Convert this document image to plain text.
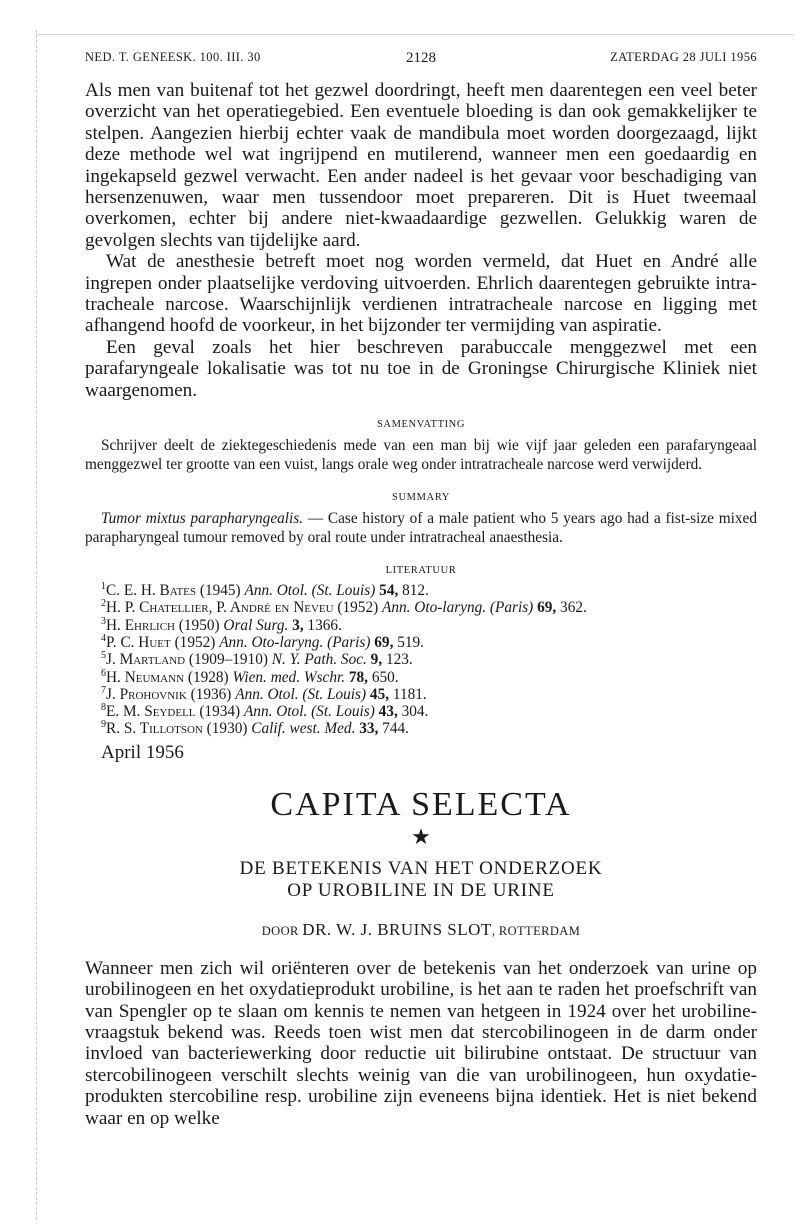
NED. T. GENEESK. 100. III. 30	2128	ZATERDAG 28 JULI 1956

Als men van buitenaf tot het gezwel doordringt, heeft men daarentegen een veel beter overzicht van het operatiegebied. Een eventuele bloeding is dan ook gemakkelijker te stelpen. Aangezien hierbij echter vaak de mandibula moet worden doorgezaagd, lijkt deze methode wel wat ingrijpend en mutilerend, wanneer men een goedaardig en ingekapseld gezwel verwacht. Een ander nadeel is het gevaar voor beschadiging van hersenzenuwen, waar men tussendoor moet prepareren. Dit is Huet tweemaal overkomen, echter bij andere niet-kwaadaardige gezwellen. Gelukkig waren de gevolgen slechts van tijdelijke aard.

Wat de anesthesie betreft moet nog worden vermeld, dat Huet en André alle ingrepen onder plaatselijke verdoving uitvoerden. Ehrlich daarentegen gebruikte intra-tracheale narcose. Waarschijnlijk verdienen intratracheale narcose en ligging met afhangend hoofd de voorkeur, in het bijzonder ter vermijding van aspiratie.

Een geval zoals het hier beschreven parabuccale menggezwel met een parafaryngeale lokalisatie was tot nu toe in de Groningse Chirurgische Kliniek niet waargenomen.

SAMENVATTING

Schrijver deelt de ziektegeschiedenis mede van een man bij wie vijf jaar geleden een parafaryngeaal menggezwel ter grootte van een vuist, langs orale weg onder intratracheale narcose werd verwijderd.

SUMMARY

Tumor mixtus parapharyngealis. — Case history of a male patient who 5 years ago had a fist-size mixed parapharyngeal tumour removed by oral route under intratracheal anaesthesia.

LITERATUUR
$^1$C. E. H. Bates (1945) Ann. Otol. (St. Louis) 54, 812.
$^2$H. P. Chatellier, P. André en Neveu (1952) Ann. Oto-laryng. (Paris) 69, 362.
$^3$H. Ehrlich (1950) Oral Surg. 3, 1366.
$^4$P. C. Huet (1952) Ann. Oto-laryng. (Paris) 69, 519.
$^5$J. Martland (1909–1910) N. Y. Path. Soc. 9, 123.
$^6$H. Neumann (1928) Wien. med. Wschr. 78, 650.
$^7$J. Prohovnik (1936) Ann. Otol. (St. Louis) 45, 1181.
$^8$E. M. Seydell (1934) Ann. Otol. (St. Louis) 43, 304.
$^9$R. S. Tillotson (1930) Calif. west. Med. 33, 744.
April 1956
CAPITA SELECTA
★
DE BETEKENIS VAN HET ONDERZOEK
OP UROBILINE IN DE URINE
DOOR DR. W. J. BRUINS SLOT, ROTTERDAM

Wanneer men zich wil oriënteren over de betekenis van het onderzoek van urine op urobilinogeen en het oxydatieprodukt urobiline, is het aan te raden het proefschrift van van Spengler op te slaan om kennis te nemen van hetgeen in 1924 over het urobiline-vraagstuk bekend was. Reeds toen wist men dat stercobilinogeen in de darm onder invloed van bacteriewerking door reductie uit bilirubine ontstaat. De structuur van stercobilinogeen verschilt slechts weinig van die van urobilinogeen, hun oxydatie-produkten stercobiline resp. urobiline zijn eveneens bijna identiek. Het is niet bekend waar en op welke
